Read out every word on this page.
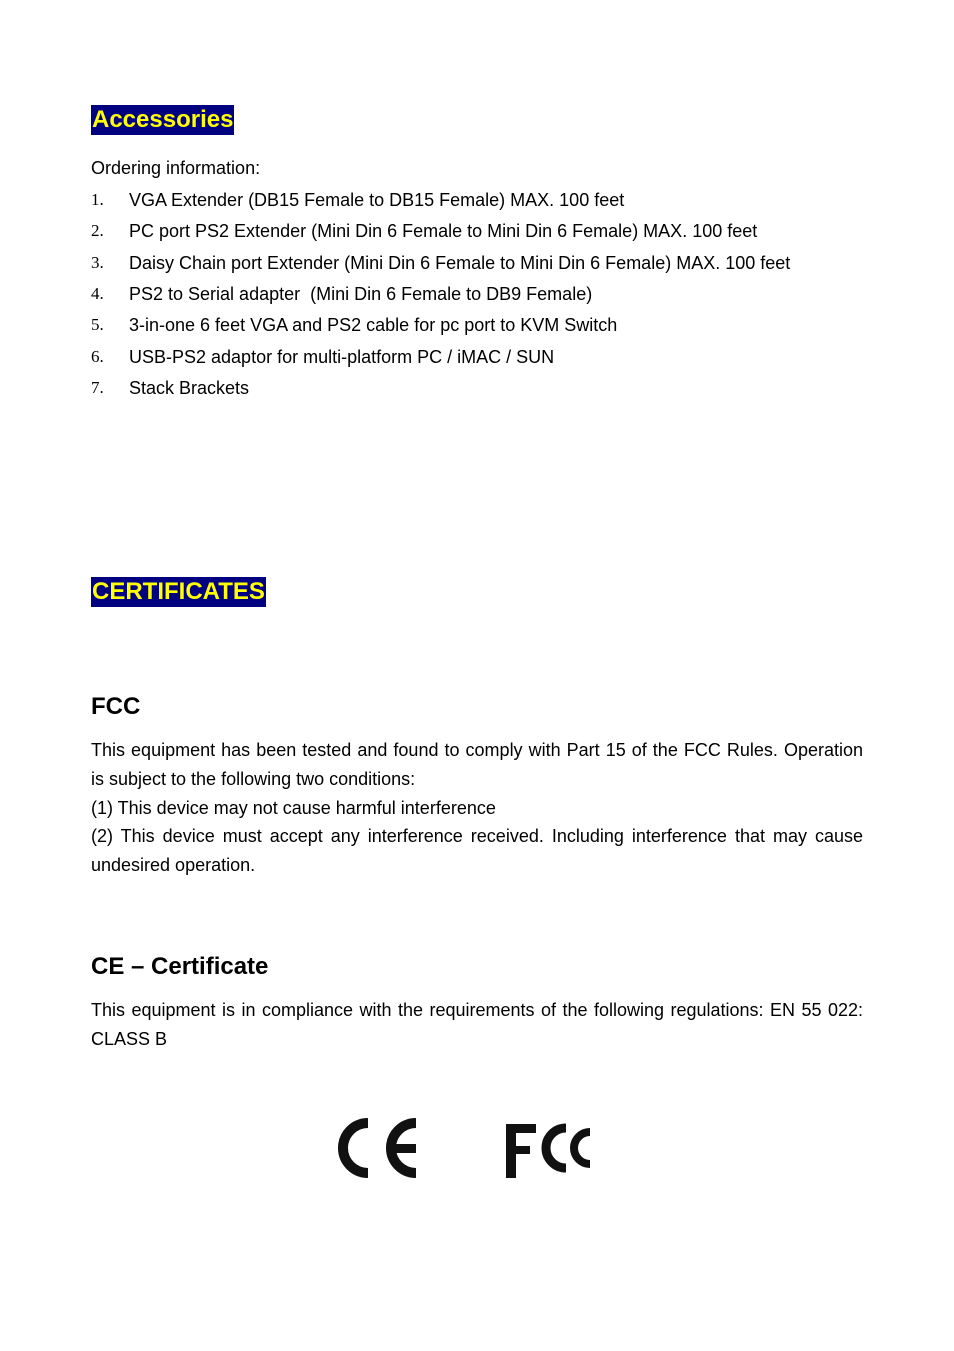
Accessories
Ordering information:
1. VGA Extender (DB15 Female to DB15 Female) MAX. 100 feet
2. PC port PS2 Extender (Mini Din 6 Female to Mini Din 6 Female) MAX. 100 feet
3. Daisy Chain port Extender (Mini Din 6 Female to Mini Din 6 Female) MAX. 100 feet
4. PS2 to Serial adapter  (Mini Din 6 Female to DB9 Female)
5. 3-in-one 6 feet VGA and PS2 cable for pc port to KVM Switch
6. USB-PS2 adaptor for multi-platform PC / iMAC / SUN
7. Stack Brackets
CERTIFICATES
FCC
This equipment has been tested and found to comply with Part 15 of the FCC Rules. Operation is subject to the following two conditions:
(1) This device may not cause harmful interference
(2) This device must accept any interference received. Including interference that may cause undesired operation.
CE – Certificate
This equipment is in compliance with the requirements of the following regulations: EN 55 022: CLASS B
